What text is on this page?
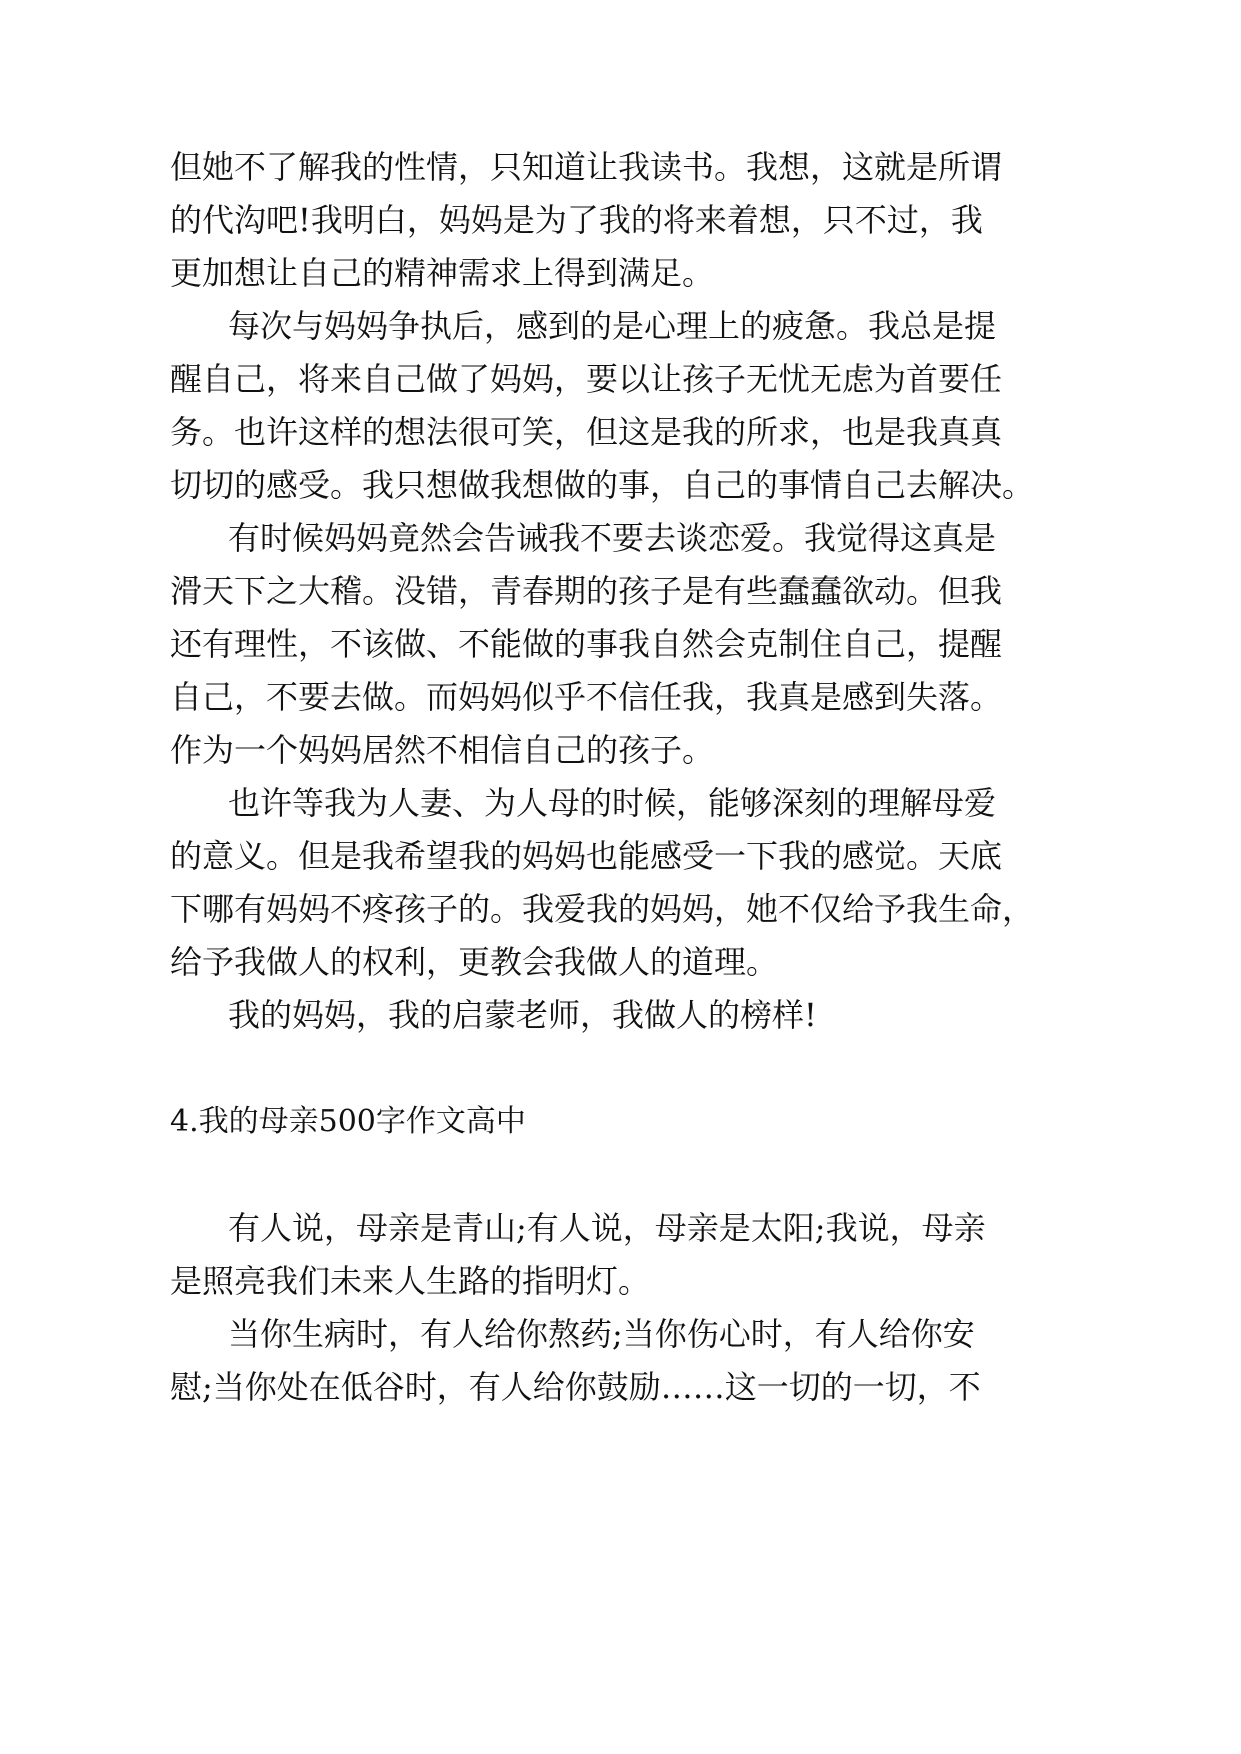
但她不了解我的性情，只知道让我读书。我想，这就是所谓
的代沟吧!我明白，妈妈是为了我的将来着想，只不过，我
更加想让自己的精神需求上得到满足。
每次与妈妈争执后，感到的是心理上的疲惫。我总是提
醒自己，将来自己做了妈妈，要以让孩子无忧无虑为首要任
务。也许这样的想法很可笑，但这是我的所求，也是我真真
切切的感受。我只想做我想做的事，自己的事情自己去解决。
有时候妈妈竟然会告诫我不要去谈恋爱。我觉得这真是
滑天下之大稽。没错，青春期的孩子是有些蠢蠢欲动。但我
还有理性，不该做、不能做的事我自然会克制住自己，提醒
自己，不要去做。而妈妈似乎不信任我，我真是感到失落。
作为一个妈妈居然不相信自己的孩子。
也许等我为人妻、为人母的时候，能够深刻的理解母爱
的意义。但是我希望我的妈妈也能感受一下我的感觉。天底
下哪有妈妈不疼孩子的。我爱我的妈妈，她不仅给予我生命，
给予我做人的权利，更教会我做人的道理。
我的妈妈，我的启蒙老师，我做人的榜样!
4.我的母亲500字作文高中
有人说，母亲是青山;有人说，母亲是太阳;我说，母亲
是照亮我们未来人生路的指明灯。
当你生病时，有人给你熬药;当你伤心时，有人给你安
慰;当你处在低谷时，有人给你鼓励……这一切的一切，不
